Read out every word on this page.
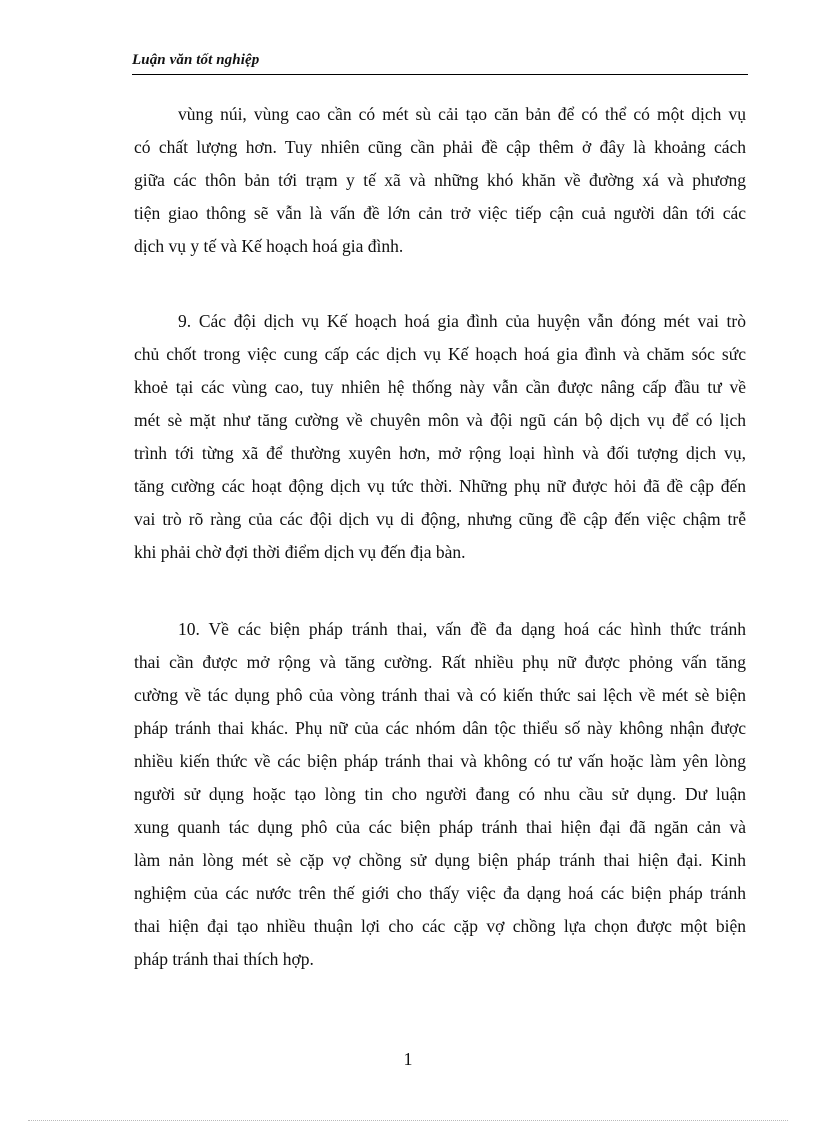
Luận văn tốt nghiệp
vùng núi, vùng cao cần có mét sù cải tạo căn bản để có thể có một dịch vụ
có chất lượng hơn. Tuy nhiên cũng cần phải đề cập thêm ở đây là khoảng cách
giữa các thôn bản tới trạm y tế xã và những khó khăn về đường xá và phương
tiện giao thông sẽ vẫn là vấn đề lớn cản trở việc tiếp cận cuả người dân tới các
dịch vụ y tế và Kế hoạch hoá gia đình.
9. Các đội dịch vụ Kế hoạch hoá gia đình của huyện vẫn đóng mét vai trò
chủ chốt trong việc cung cấp các dịch vụ Kế hoạch hoá gia đình và chăm sóc sức
khoẻ tại các vùng cao, tuy nhiên hệ thống này vẫn cần được nâng cấp đầu tư về
mét sè mặt như tăng cường về chuyên môn và đội ngũ cán bộ dịch vụ để có lịch
trình tới từng xã để thường xuyên hơn, mở rộng loại hình và đối tượng dịch vụ,
tăng cường các hoạt động dịch vụ tức thời. Những phụ nữ được hỏi đã đề cập đến
vai trò rõ ràng của các đội dịch vụ di động, nhưng cũng đề cập đến việc chậm trễ
khi phải chờ đợi thời điểm dịch vụ đến địa bàn.
10. Về các biện pháp tránh thai, vấn đề đa dạng hoá các hình thức tránh
thai cần được mở rộng và tăng cường. Rất nhiều phụ nữ được phỏng vấn tăng
cường về tác dụng phô của vòng tránh thai và có kiến thức sai lệch về mét sè biện
pháp tránh thai khác. Phụ nữ của các nhóm dân tộc thiểu số này không nhận được
nhiều kiến thức về các biện pháp tránh thai và không có tư vấn hoặc làm yên lòng
người sử dụng hoặc tạo lòng tin cho người đang có nhu cầu sử dụng. Dư luận
xung quanh tác dụng phô của các biện pháp tránh thai hiện đại đã ngăn cản và
làm nản lòng mét sè cặp vợ chồng sử dụng biện pháp tránh thai hiện đại. Kinh
nghiệm của các nước trên thế giới cho thấy việc đa dạng hoá các biện pháp tránh
thai hiện đại tạo nhiều thuận lợi cho các cặp vợ chồng lựa chọn được một biện
pháp tránh thai thích hợp.
1
